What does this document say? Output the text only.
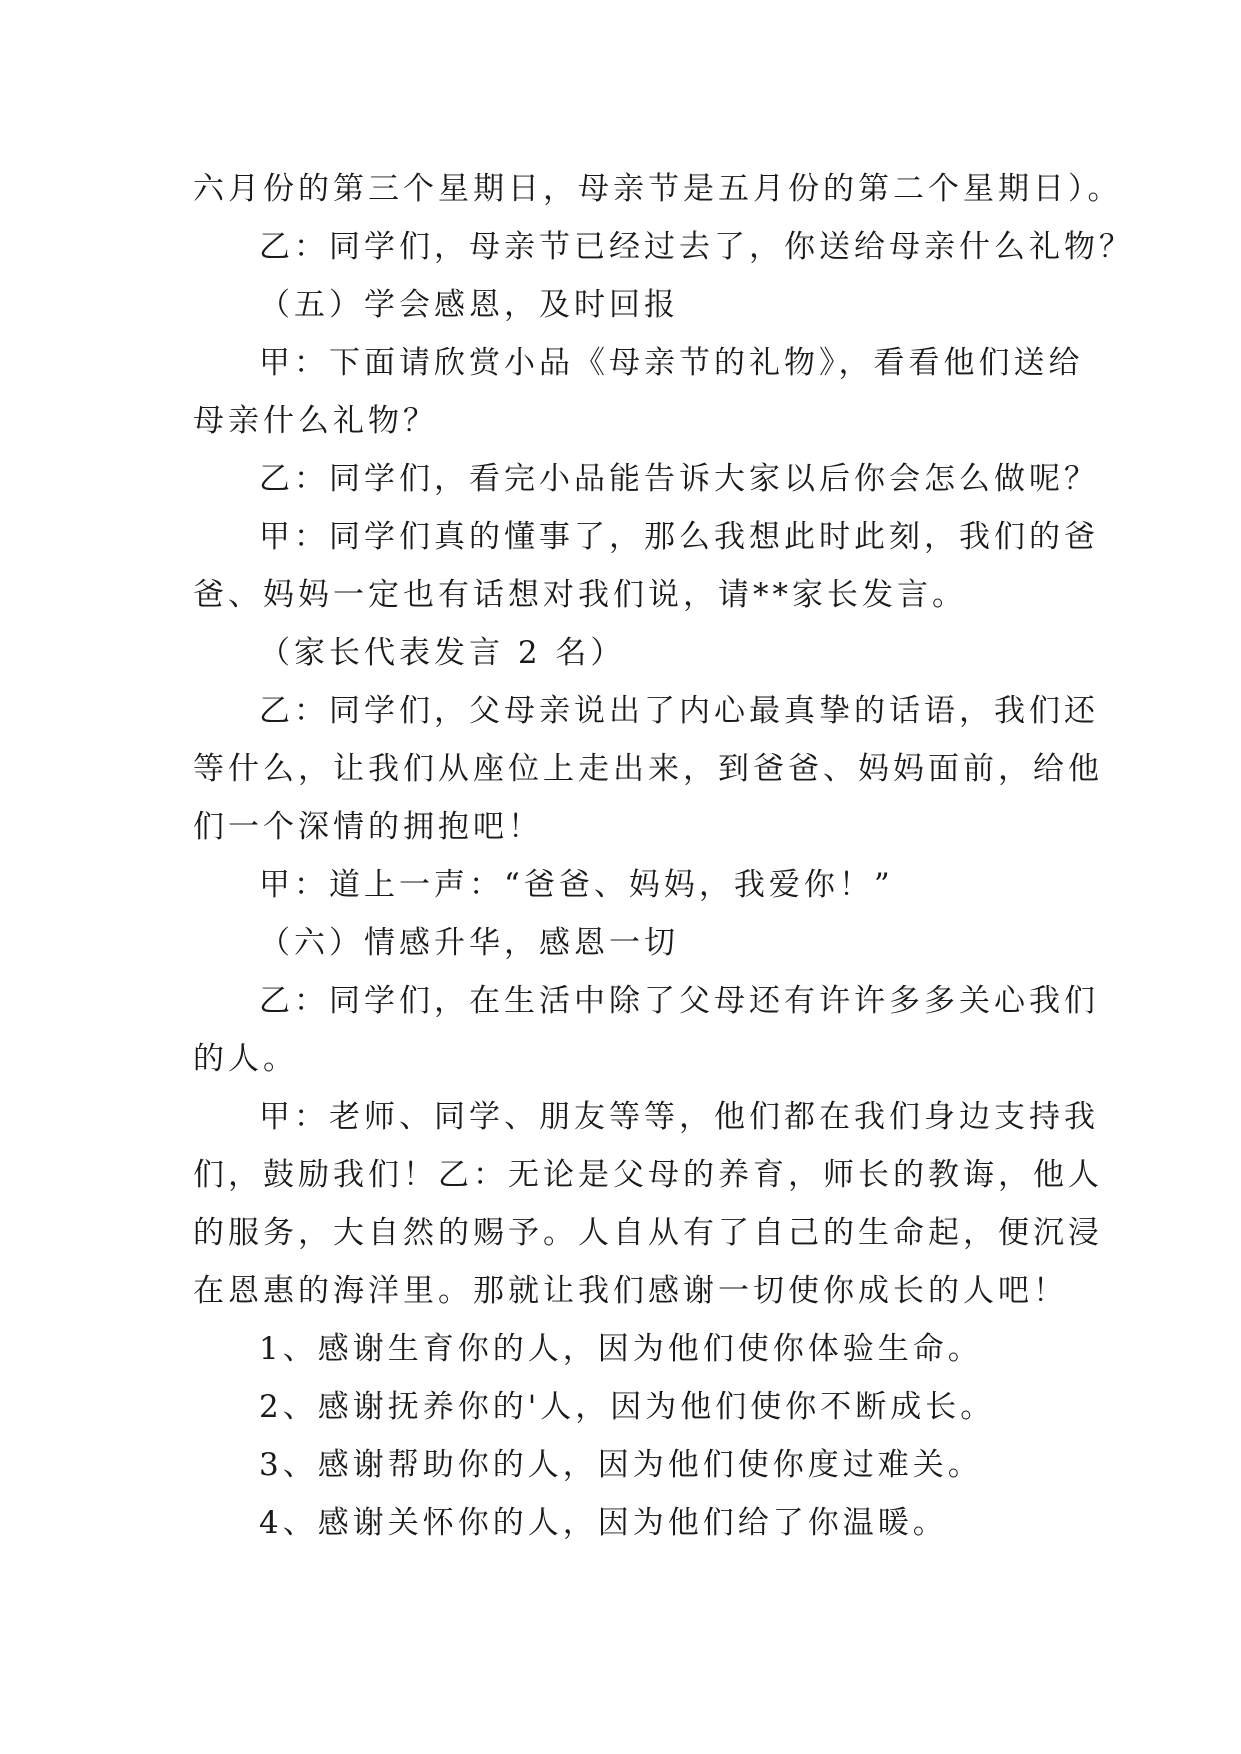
六月份的第三个星期日，母亲节是五月份的第二个星期日）。
乙：同学们，母亲节已经过去了，你送给母亲什么礼物？
（五）学会感恩，及时回报
甲：下面请欣赏小品《母亲节的礼物》，看看他们送给
母亲什么礼物？
乙：同学们，看完小品能告诉大家以后你会怎么做呢？
甲：同学们真的懂事了，那么我想此时此刻，我们的爸
爸、妈妈一定也有话想对我们说，请**家长发言。
（家长代表发言 2 名）
乙：同学们，父母亲说出了内心最真挚的话语，我们还
等什么，让我们从座位上走出来，到爸爸、妈妈面前，给他
们一个深情的拥抱吧！
甲：道上一声：“爸爸、妈妈，我爱你！”
（六）情感升华，感恩一切
乙：同学们，在生活中除了父母还有许许多多关心我们
的人。
甲：老师、同学、朋友等等，他们都在我们身边支持我
们，鼓励我们！乙：无论是父母的养育，师长的教诲，他人
的服务，大自然的赐予。人自从有了自己的生命起，便沉浸
在恩惠的海洋里。那就让我们感谢一切使你成长的人吧！
1、感谢生育你的人，因为他们使你体验生命。
2、感谢抚养你的'人，因为他们使你不断成长。
3、感谢帮助你的人，因为他们使你度过难关。
4、感谢关怀你的人，因为他们给了你温暖。
